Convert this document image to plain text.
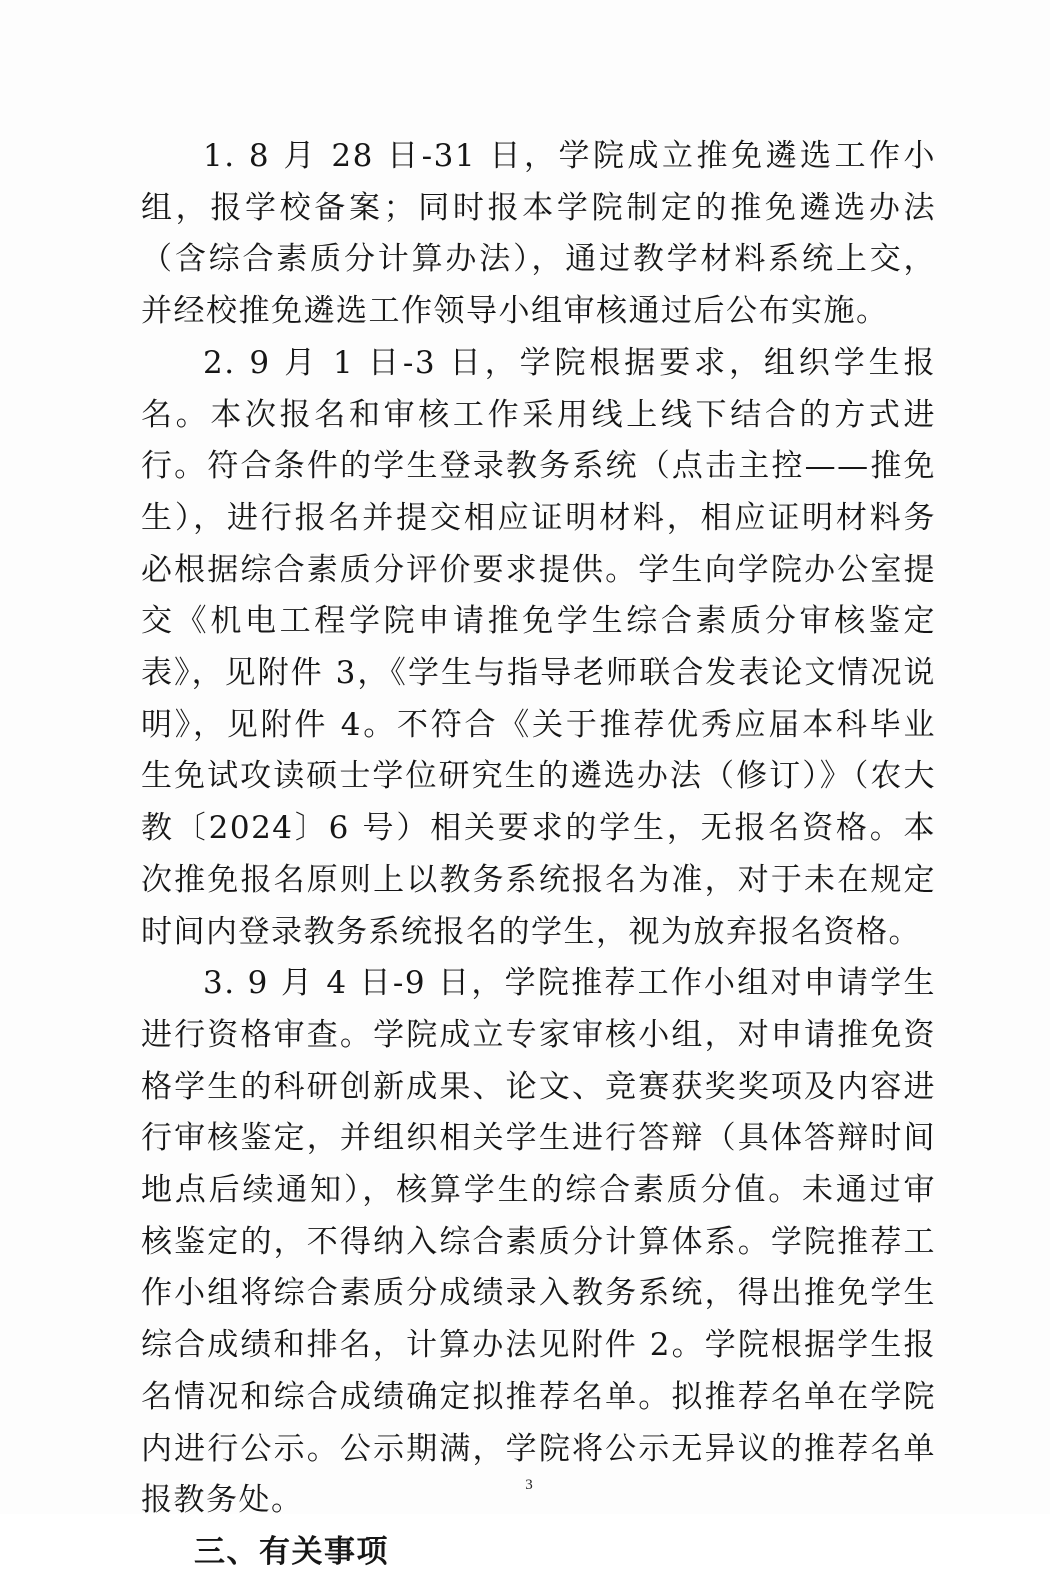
1. 8 月 28 日-31 日，学院成立推免遴选工作小组，报学校备案；同时报本学院制定的推免遴选办法（含综合素质分计算办法），通过教学材料系统上交，并经校推免遴选工作领导小组审核通过后公布实施。

2. 9 月 1 日-3 日，学院根据要求，组织学生报名。本次报名和审核工作采用线上线下结合的方式进行。符合条件的学生登录教务系统（点击主控——推免生），进行报名并提交相应证明材料，相应证明材料务必根据综合素质分评价要求提供。学生向学院办公室提交《机电工程学院申请推免学生综合素质分审核鉴定表》，见附件 3，《学生与指导老师联合发表论文情况说明》，见附件 4。不符合《关于推荐优秀应届本科毕业生免试攻读硕士学位研究生的遴选办法（修订）》（农大教〔2024〕6 号）相关要求的学生，无报名资格。本次推免报名原则上以教务系统报名为准，对于未在规定时间内登录教务系统报名的学生，视为放弃报名资格。

3. 9 月 4 日-9 日，学院推荐工作小组对申请学生进行资格审查。学院成立专家审核小组，对申请推免资格学生的科研创新成果、论文、竞赛获奖奖项及内容进行审核鉴定，并组织相关学生进行答辩（具体答辩时间地点后续通知），核算学生的综合素质分值。未通过审核鉴定的，不得纳入综合素质分计算体系。学院推荐工作小组将综合素质分成绩录入教务系统，得出推免学生综合成绩和排名，计算办法见附件 2。学院根据学生报名情况和综合成绩确定拟推荐名单。拟推荐名单在学院内进行公示。公示期满，学院将公示无异议的推荐名单报教务处。

三、有关事项

3
